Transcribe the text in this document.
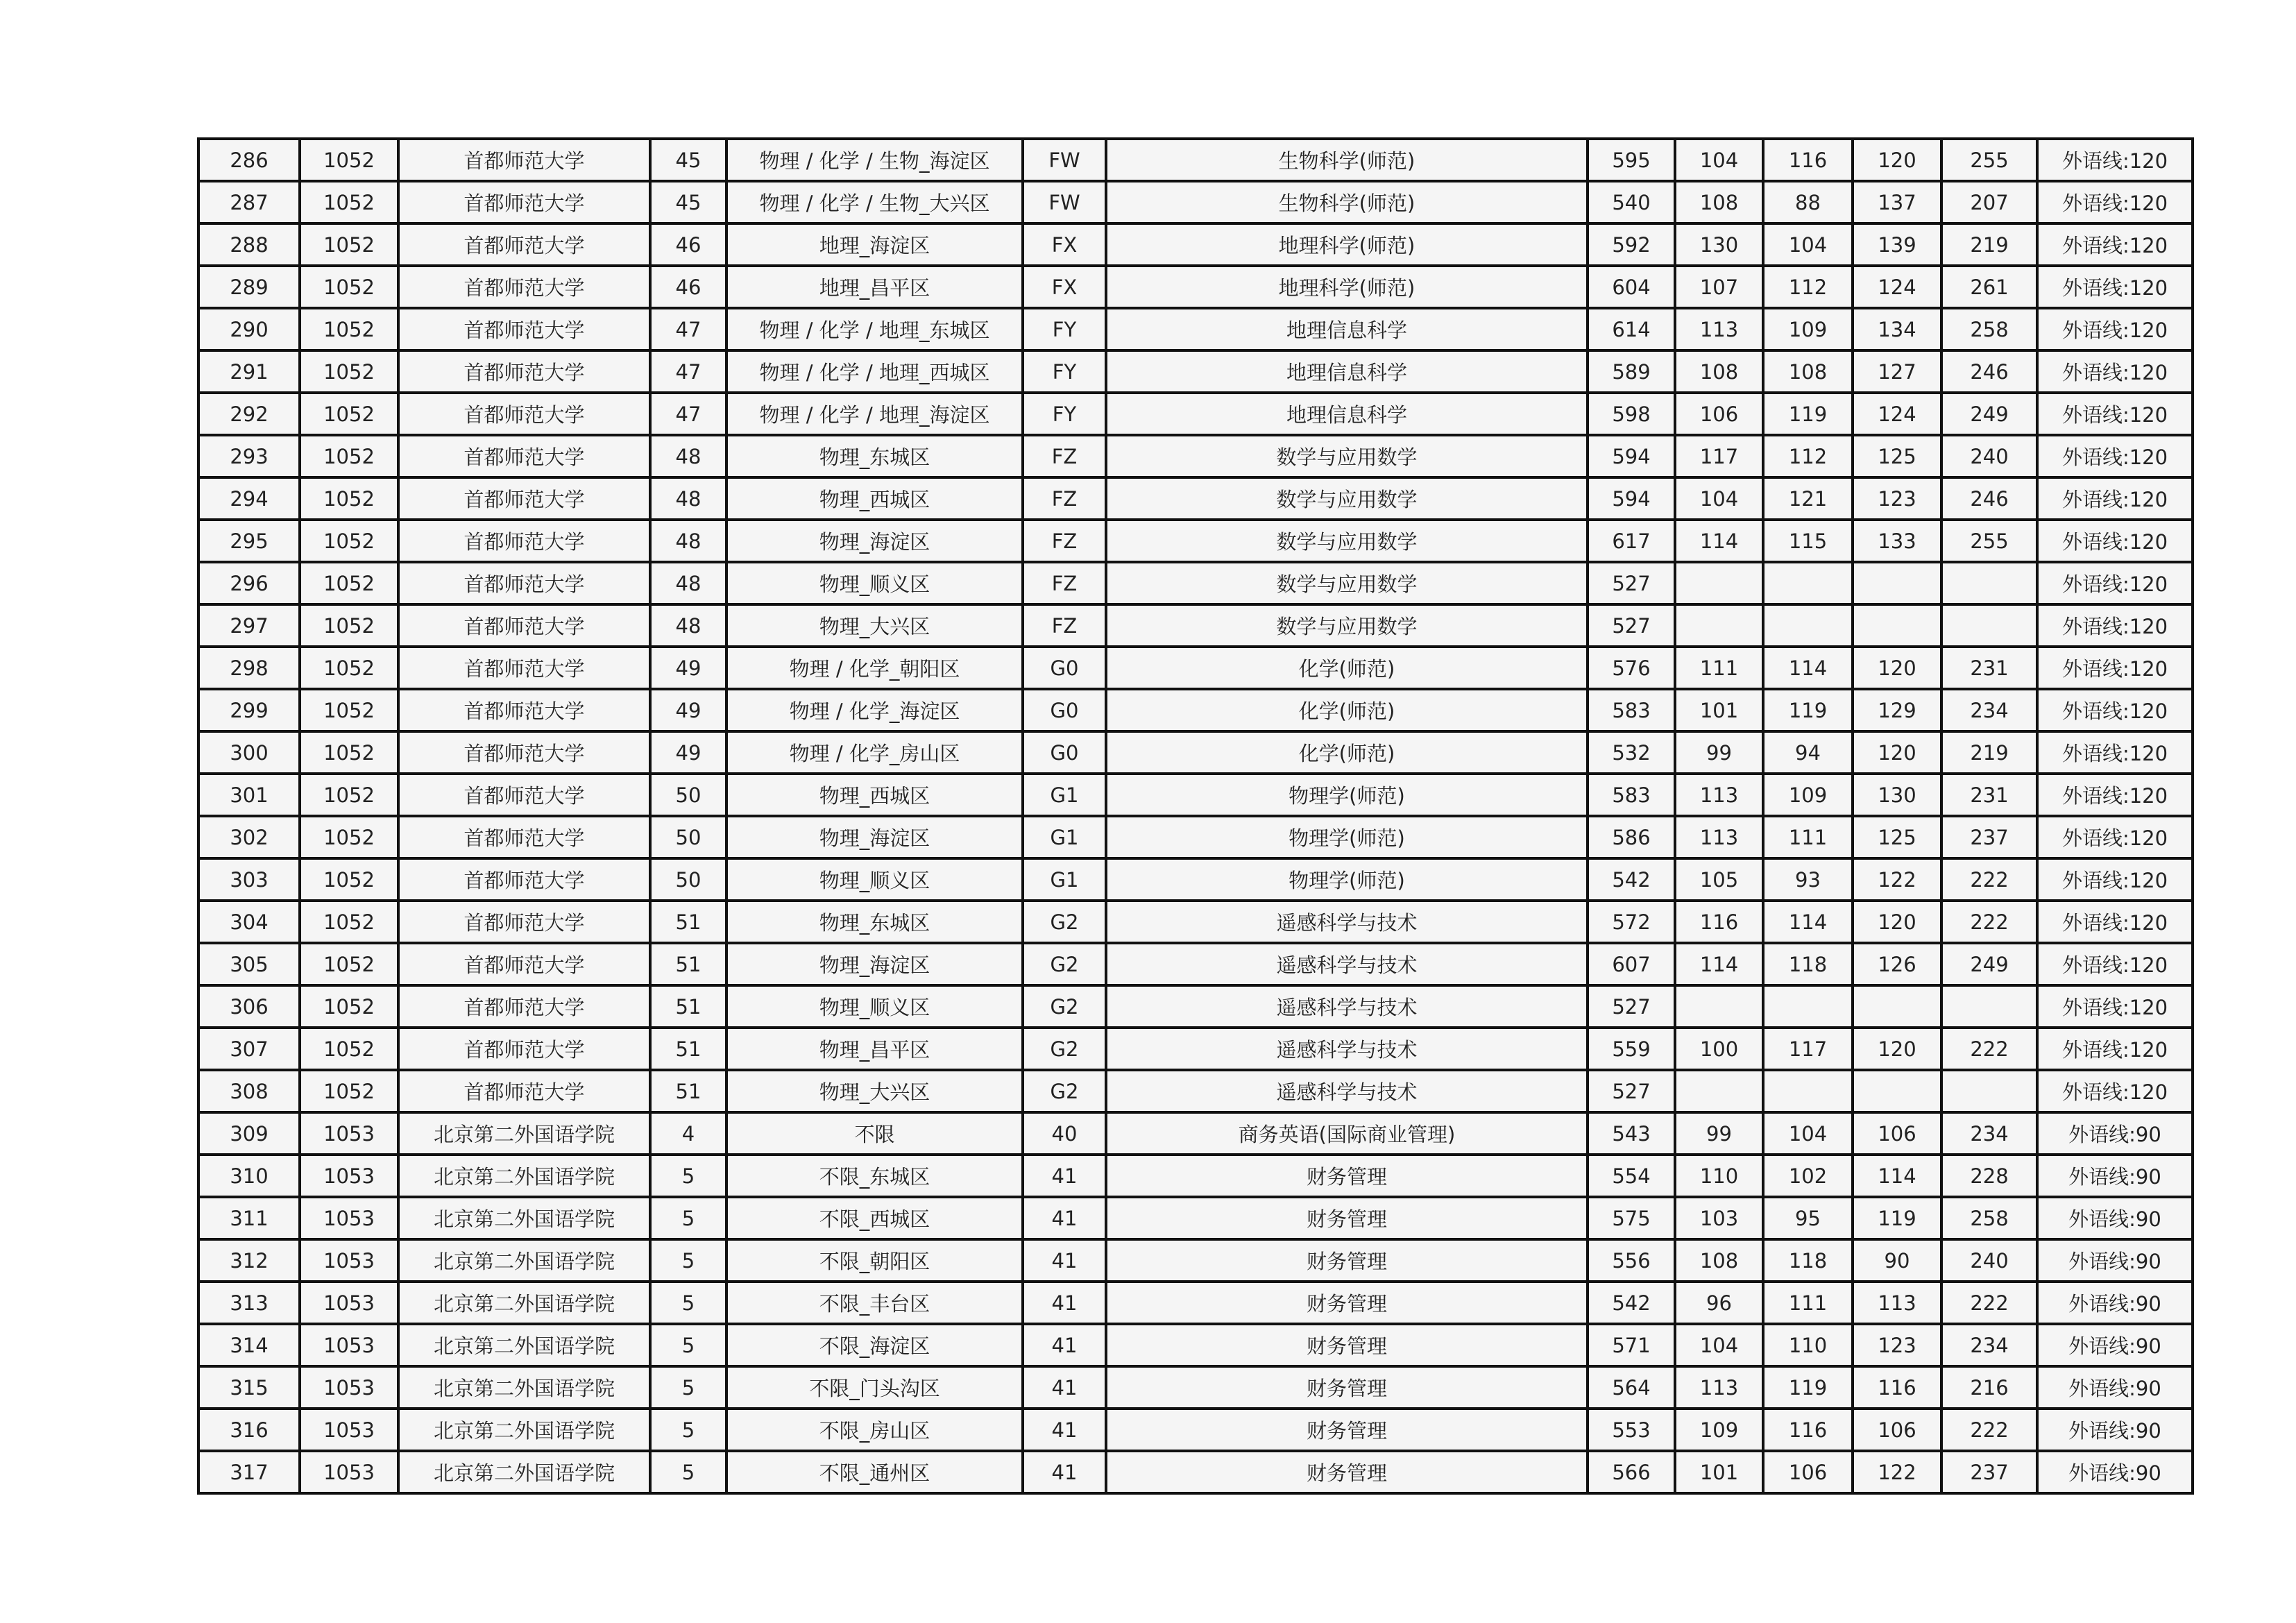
286	1052	首都师范大学	45	物理 / 化学 / 生物_海淀区	FW	生物科学(师范)	595	104	116	120	255	外语线:120
287	1052	首都师范大学	45	物理 / 化学 / 生物_大兴区	FW	生物科学(师范)	540	108	88	137	207	外语线:120
288	1052	首都师范大学	46	地理_海淀区	FX	地理科学(师范)	592	130	104	139	219	外语线:120
289	1052	首都师范大学	46	地理_昌平区	FX	地理科学(师范)	604	107	112	124	261	外语线:120
290	1052	首都师范大学	47	物理 / 化学 / 地理_东城区	FY	地理信息科学	614	113	109	134	258	外语线:120
291	1052	首都师范大学	47	物理 / 化学 / 地理_西城区	FY	地理信息科学	589	108	108	127	246	外语线:120
292	1052	首都师范大学	47	物理 / 化学 / 地理_海淀区	FY	地理信息科学	598	106	119	124	249	外语线:120
293	1052	首都师范大学	48	物理_东城区	FZ	数学与应用数学	594	117	112	125	240	外语线:120
294	1052	首都师范大学	48	物理_西城区	FZ	数学与应用数学	594	104	121	123	246	外语线:120
295	1052	首都师范大学	48	物理_海淀区	FZ	数学与应用数学	617	114	115	133	255	外语线:120
296	1052	首都师范大学	48	物理_顺义区	FZ	数学与应用数学	527					外语线:120
297	1052	首都师范大学	48	物理_大兴区	FZ	数学与应用数学	527					外语线:120
298	1052	首都师范大学	49	物理 / 化学_朝阳区	G0	化学(师范)	576	111	114	120	231	外语线:120
299	1052	首都师范大学	49	物理 / 化学_海淀区	G0	化学(师范)	583	101	119	129	234	外语线:120
300	1052	首都师范大学	49	物理 / 化学_房山区	G0	化学(师范)	532	99	94	120	219	外语线:120
301	1052	首都师范大学	50	物理_西城区	G1	物理学(师范)	583	113	109	130	231	外语线:120
302	1052	首都师范大学	50	物理_海淀区	G1	物理学(师范)	586	113	111	125	237	外语线:120
303	1052	首都师范大学	50	物理_顺义区	G1	物理学(师范)	542	105	93	122	222	外语线:120
304	1052	首都师范大学	51	物理_东城区	G2	遥感科学与技术	572	116	114	120	222	外语线:120
305	1052	首都师范大学	51	物理_海淀区	G2	遥感科学与技术	607	114	118	126	249	外语线:120
306	1052	首都师范大学	51	物理_顺义区	G2	遥感科学与技术	527					外语线:120
307	1052	首都师范大学	51	物理_昌平区	G2	遥感科学与技术	559	100	117	120	222	外语线:120
308	1052	首都师范大学	51	物理_大兴区	G2	遥感科学与技术	527					外语线:120
309	1053	北京第二外国语学院	4	不限	40	商务英语(国际商业管理)	543	99	104	106	234	外语线:90
310	1053	北京第二外国语学院	5	不限_东城区	41	财务管理	554	110	102	114	228	外语线:90
311	1053	北京第二外国语学院	5	不限_西城区	41	财务管理	575	103	95	119	258	外语线:90
312	1053	北京第二外国语学院	5	不限_朝阳区	41	财务管理	556	108	118	90	240	外语线:90
313	1053	北京第二外国语学院	5	不限_丰台区	41	财务管理	542	96	111	113	222	外语线:90
314	1053	北京第二外国语学院	5	不限_海淀区	41	财务管理	571	104	110	123	234	外语线:90
315	1053	北京第二外国语学院	5	不限_门头沟区	41	财务管理	564	113	119	116	216	外语线:90
316	1053	北京第二外国语学院	5	不限_房山区	41	财务管理	553	109	116	106	222	外语线:90
317	1053	北京第二外国语学院	5	不限_通州区	41	财务管理	566	101	106	122	237	外语线:90
